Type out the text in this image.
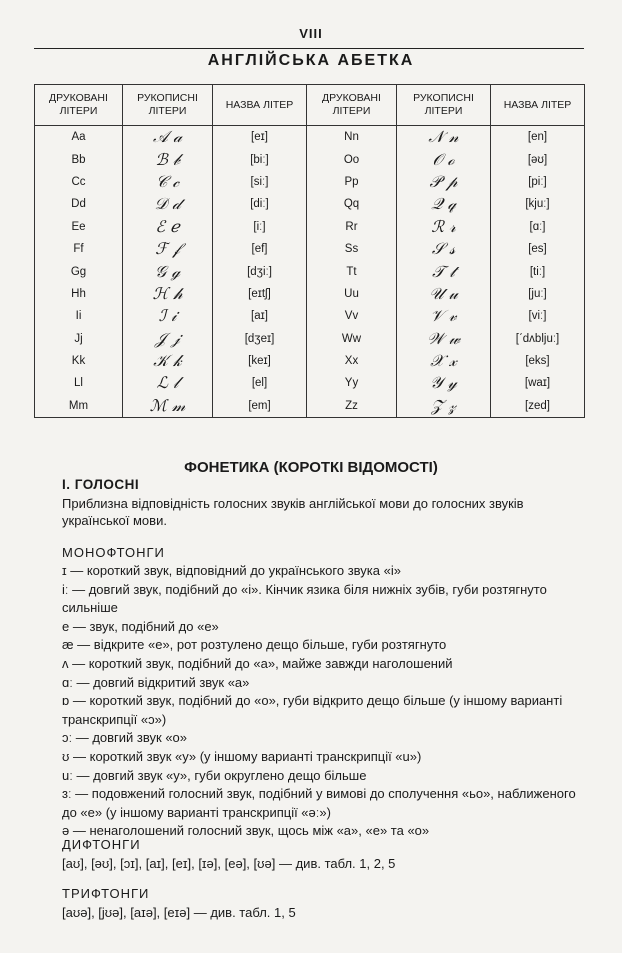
VIII
АНГЛІЙСЬКА АБЕТКА
ДРУКОВАНІ ЛІТЕРИ	РУКОПИСНІ ЛІТЕРИ	НАЗВА ЛІТЕР	ДРУКОВАНІ ЛІТЕРИ	РУКОПИСНІ ЛІТЕРИ	НАЗВА ЛІТЕР
Aa	𝒜 𝒶	[eɪ]	Nn	𝒩 𝓃	[en]
Bb	ℬ 𝒷	[biː]	Oo	𝒪 ℴ	[əʊ]
Cc	𝒞 𝒸	[siː]	Pp	𝒫 𝓅	[piː]
Dd	𝒟 𝒹	[diː]	Qq	𝒬 𝓆	[kjuː]
Ee	ℰ ℯ	[iː]	Rr	ℛ 𝓇	[ɑː]
Ff	ℱ 𝒻	[ef]	Ss	𝒮 𝓈	[es]
Gg	𝒢 ℊ	[dʒiː]	Tt	𝒯 𝓉	[tiː]
Hh	ℋ 𝒽	[eɪtʃ]	Uu	𝒰 𝓊	[juː]
Ii	ℐ 𝒾	[aɪ]	Vv	𝒱 𝓋	[viː]
Jj	𝒥 𝒿	[dʒeɪ]	Ww	𝒲 𝓌	[ˊdʌbljuː]
Kk	𝒦 𝓀	[keɪ]	Xx	𝒳 𝓍	[eks]
Ll	ℒ 𝓁	[el]	Yy	𝒴 𝓎	[waɪ]
Mm	ℳ 𝓂	[em]	Zz	𝒵 𝓏	[zed]
ФОНЕТИКА (КОРОТКІ ВІДОМОСТІ)
І. ГОЛОСНІ
Приблизна відповідність голосних звуків англійської мови до голосних звуків української мови.
МОНОФТОНГИ
ɪ — короткий звук, відповідний до українського звука «і»
iː — довгий звук, подібний до «і». Кінчик язика біля нижніх зубів, губи розтягнуто сильніше
e — звук, подібний до «е»
æ — відкрите «е», рот розтулено дещо більше, губи розтягнуто
ʌ — короткий звук, подібний до «а», майже завжди наголошений
ɑː — довгий відкритий звук «а»
ɒ — короткий звук, подібний до «о», губи відкрито дещо більше (у іншому варианті транскрипції «ɔ»)
ɔː — довгий звук «о»
ʊ — короткий звук «у» (у іншому варианті транскрипції «u»)
uː — довгий звук «у», губи округлено дещо більше
ɜː — подовжений голосний звук, подібний у вимові до сполучення «ьо», наближеного до «е» (у іншому варианті транскрипції «əː»)
ə — ненаголошений голосний звук, щось між «а», «е» та «о»
ДИФТОНГИ
[aʊ], [əʊ], [ɔɪ], [aɪ], [eɪ], [ɪə], [eə], [ʊə] — див. табл. 1, 2, 5
ТРИФТОНГИ
[aʊə], [jʊə], [aɪə], [eɪə] — див. табл. 1, 5
